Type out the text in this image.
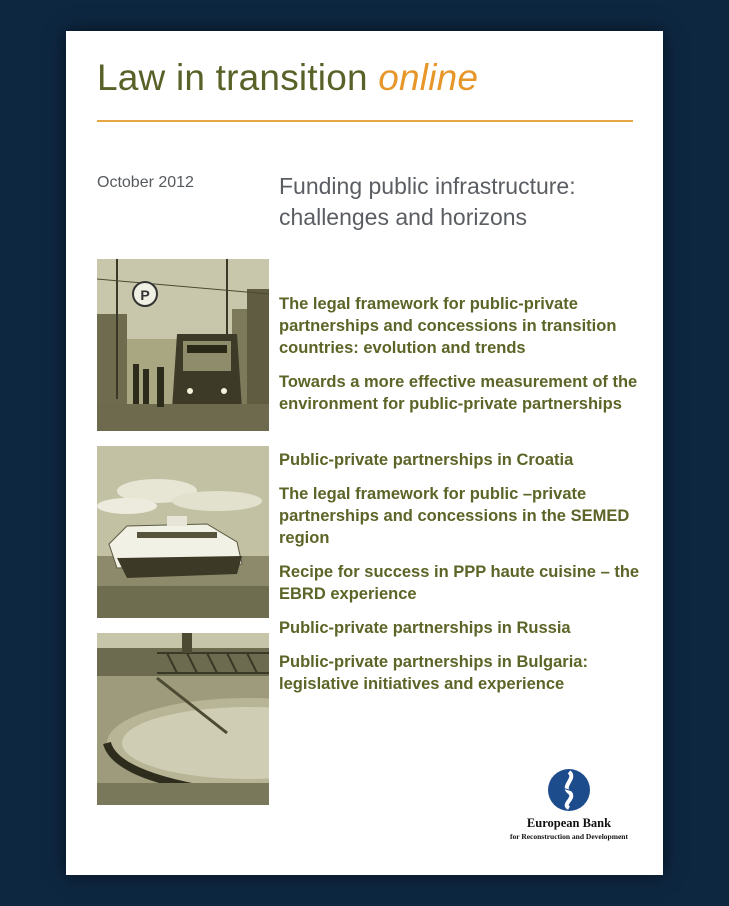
Law in transition online
October 2012	Funding public infrastructure:
challenges and horizons
P	The legal framework for public-private partnerships and concessions in transition countries: evolution and trends
Towards a more effective measurement of the environment for public-private partnerships
Public-private partnerships in Croatia
The legal framework for public –private partnerships and concessions in the SEMED region
Recipe for success in PPP haute cuisine – the EBRD experience
Public-private partnerships in Russia
Public-private partnerships in Bulgaria: legislative initiatives and experience
European Bank
for Reconstruction and Development
